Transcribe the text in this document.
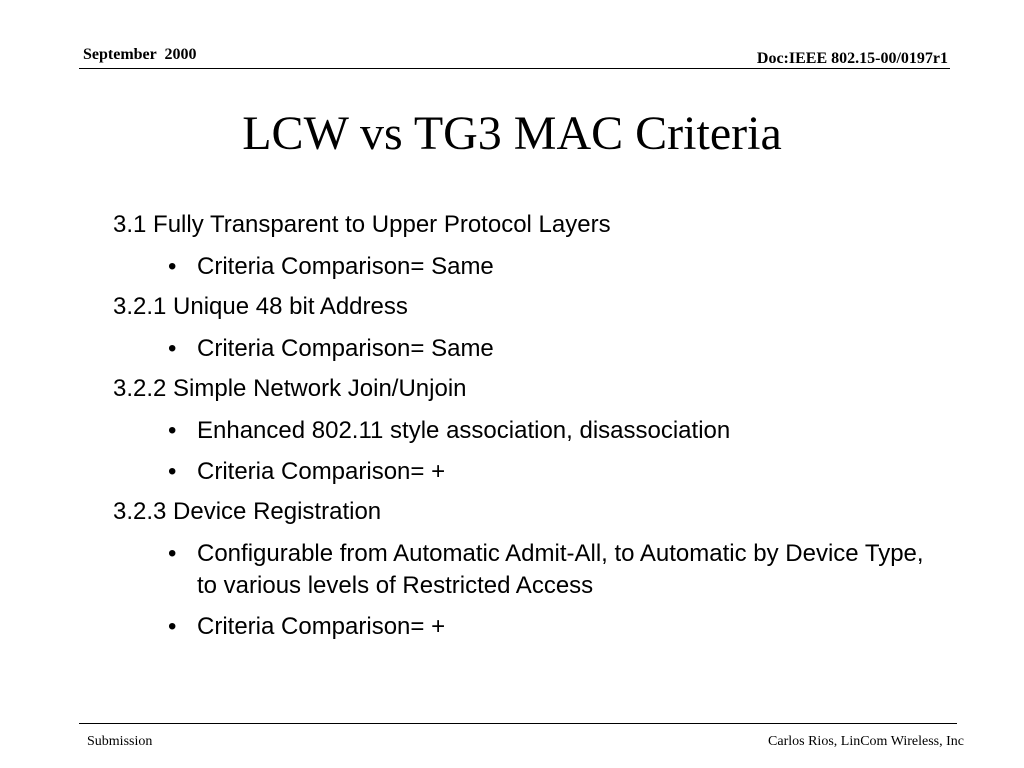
September  2000	Doc:IEEE 802.15-00/0197r1
LCW vs TG3 MAC Criteria
3.1 Fully Transparent to Upper Protocol Layers
• Criteria Comparison= Same
3.2.1 Unique 48 bit Address
• Criteria Comparison= Same
3.2.2 Simple Network Join/Unjoin
• Enhanced 802.11 style association, disassociation
• Criteria Comparison= +
3.2.3 Device Registration
• Configurable from Automatic Admit-All, to Automatic by Device Type, to various levels of Restricted Access
• Criteria Comparison= +
Submission	Carlos Rios, LinCom Wireless, Inc
